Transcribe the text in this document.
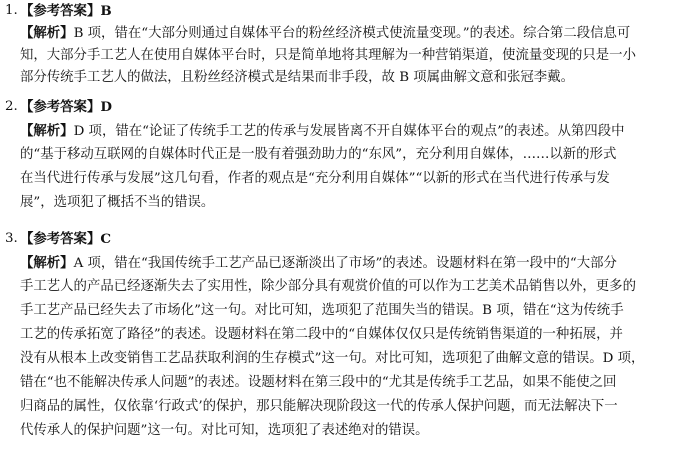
1. 【参考答案】B
【解析】B 项，错在“大部分则通过自媒体平台的粉丝经济模式使流量变现。”的表述。综合第二段信息可
知，大部分手工艺人在使用自媒体平台时，只是简单地将其理解为一种营销渠道，使流量变现的只是一小
部分传统手工艺人的做法，且粉丝经济模式是结果而非手段，故 B 项属曲解文意和张冠李戴。
2. 【参考答案】D
【解析】D 项，错在“论证了传统手工艺的传承与发展皆离不开自媒体平台的观点”的表述。从第四段中
的“基于移动互联网的自媒体时代正是一股有着强劲助力的“东风”，充分利用自媒体，……以新的形式
在当代进行传承与发展”这几句看，作者的观点是“充分利用自媒体”“以新的形式在当代进行传承与发
展”，选项犯了概括不当的错误。
3. 【参考答案】C
【解析】A 项，错在“我国传统手工艺产品已逐渐淡出了市场”的表述。设题材料在第一段中的“大部分
手工艺人的产品已经逐渐失去了实用性，除少部分具有观赏价值的可以作为工艺美术品销售以外，更多的
手工艺产品已经失去了市场化”这一句。对比可知，选项犯了范围失当的错误。B 项，错在“这为传统手
工艺的传承拓宽了路径”的表述。设题材料在第二段中的“自媒体仅仅只是传统销售渠道的一种拓展，并
没有从根本上改变销售工艺品获取利润的生存模式”这一句。对比可知，选项犯了曲解文意的错误。D 项，
错在“也不能解决传承人问题”的表述。设题材料在第三段中的“尤其是传统手工艺品，如果不能使之回
归商品的属性，仅依靠‘行政式’的保护，那只能解决现阶段这一代的传承人保护问题，而无法解决下一
代传承人的保护问题”这一句。对比可知，选项犯了表述绝对的错误。
